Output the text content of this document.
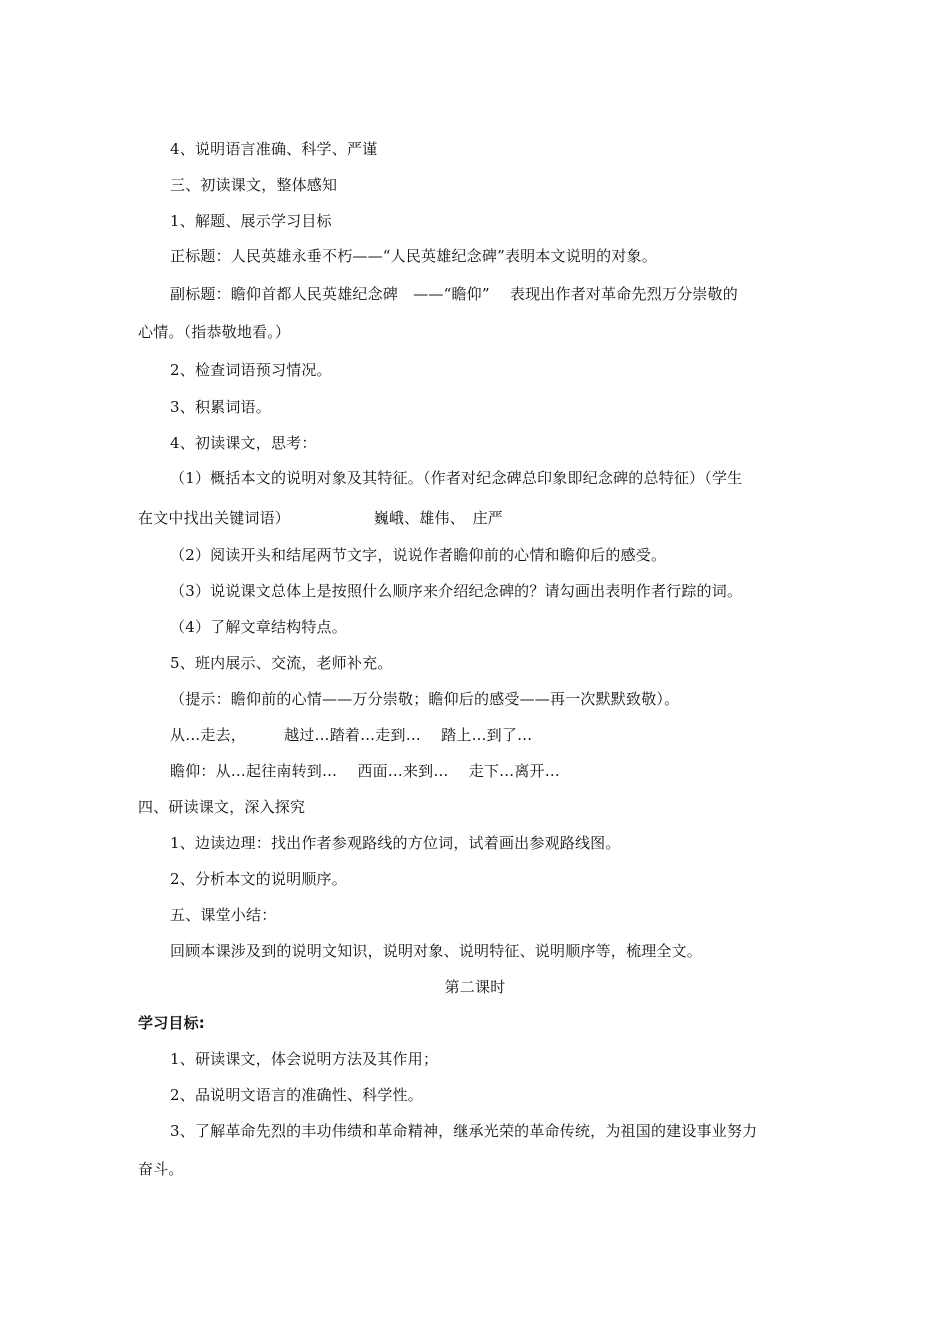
4、说明语言准确、科学、严谨
三、初读课文，整体感知
1、解题、展示学习目标
正标题：人民英雄永垂不朽——“人民英雄纪念碑”表明本文说明的对象。
副标题：瞻仰首都人民英雄纪念碑　——“瞻仰”　 表现出作者对革命先烈万分崇敬的
心情。（指恭敬地看。）
2、检查词语预习情况。
3、积累词语。
4、初读课文，思考：
（1）概括本文的说明对象及其特征。（作者对纪念碑总印象即纪念碑的总特征）（学生
在文中找出关键词语）　　　　　　巍峨、雄伟、　庄严
（2）阅读开头和结尾两节文字，说说作者瞻仰前的心情和瞻仰后的感受。
（3）说说课文总体上是按照什么顺序来介绍纪念碑的？请勾画出表明作者行踪的词。
（4）了解文章结构特点。
5、班内展示、交流，老师补充。
（提示：瞻仰前的心情——万分崇敬；瞻仰后的感受——再一次默默致敬）。
从…走去，　　　越过…踏着…走到…　 踏上…到了…
瞻仰：从…起往南转到…　 西面…来到…　 走下…离开…
四、研读课文，深入探究
1、边读边理：找出作者参观路线的方位词，试着画出参观路线图。
2、分析本文的说明顺序。
五、课堂小结：
回顾本课涉及到的说明文知识，说明对象、说明特征、说明顺序等，梳理全文。
第二课时
学习目标:
1、研读课文，体会说明方法及其作用；
2、品说明文语言的准确性、科学性。
3、了解革命先烈的丰功伟绩和革命精神，继承光荣的革命传统，为祖国的建设事业努力
奋斗。
